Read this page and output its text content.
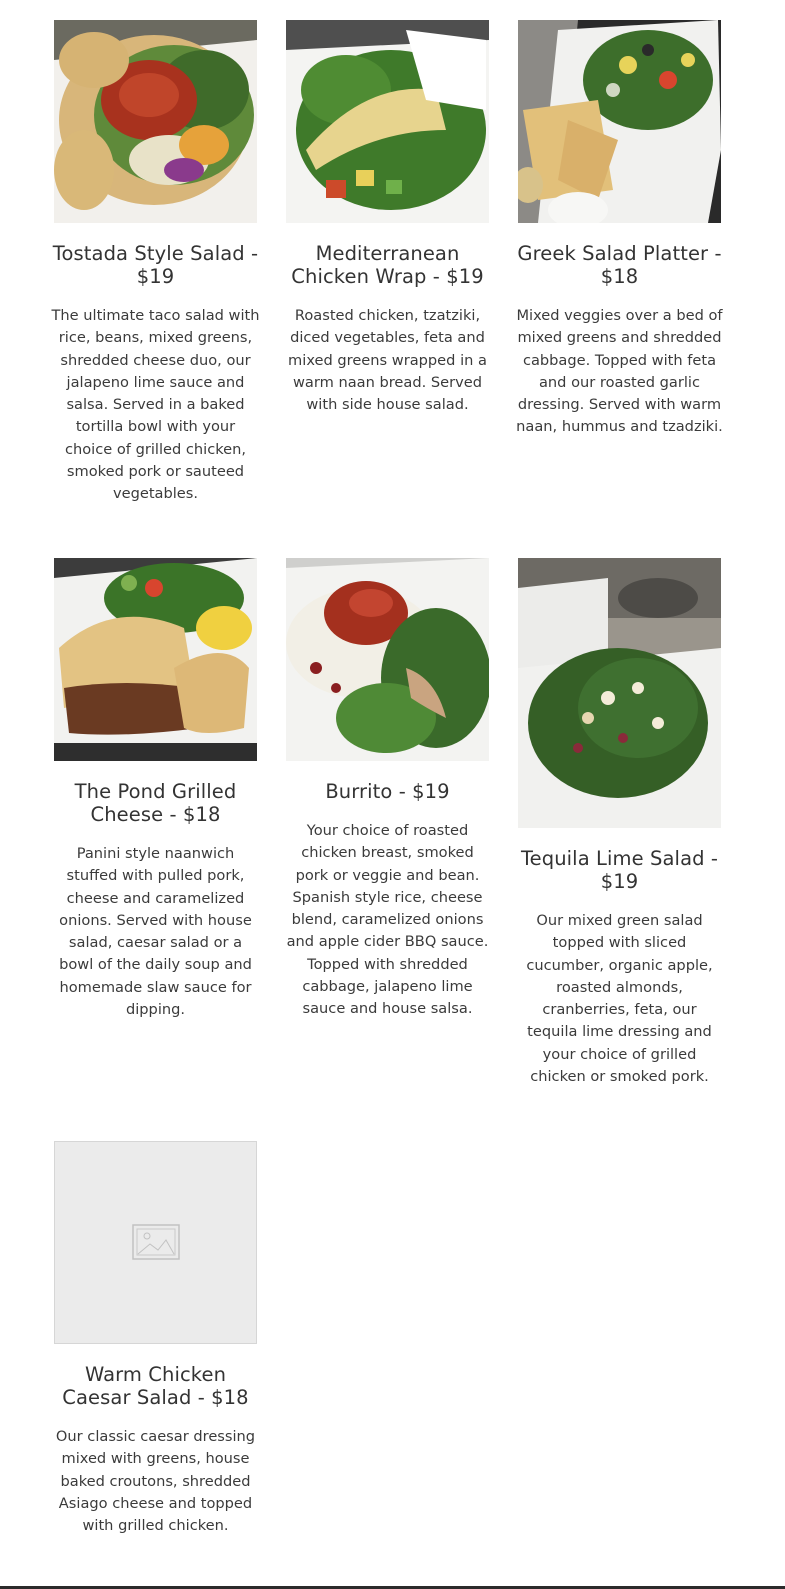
Tostada Style Salad - $19
The ultimate taco salad with rice, beans, mixed greens, shredded cheese duo, our jalapeno lime sauce and salsa. Served in a baked tortilla bowl with your choice of grilled chicken, smoked pork or sauteed vegetables.
Mediterranean Chicken Wrap - $19
Roasted chicken, tzatziki, diced vegetables, feta and mixed greens wrapped in a warm naan bread. Served with side house salad.
Greek Salad Platter - $18
Mixed veggies over a bed of mixed greens and shredded cabbage. Topped with feta and our roasted garlic dressing. Served with warm naan, hummus and tzadziki.
The Pond Grilled Cheese - $18
Panini style naanwich stuffed with pulled pork, cheese and caramelized onions. Served with house salad, caesar salad or a bowl of the daily soup and homemade slaw sauce for dipping.
Burrito - $19
Your choice of roasted chicken breast, smoked pork or veggie and bean. Spanish style rice, cheese blend, caramelized onions and apple cider BBQ sauce. Topped with shredded cabbage, jalapeno lime sauce and house salsa.
Tequila Lime Salad - $19
Our mixed green salad topped with sliced cucumber, organic apple, roasted almonds, cranberries, feta, our tequila lime dressing and your choice of grilled chicken or smoked pork.
Warm Chicken Caesar Salad - $18
Our classic caesar dressing mixed with greens, house baked croutons, shredded Asiago cheese and topped with grilled chicken.
